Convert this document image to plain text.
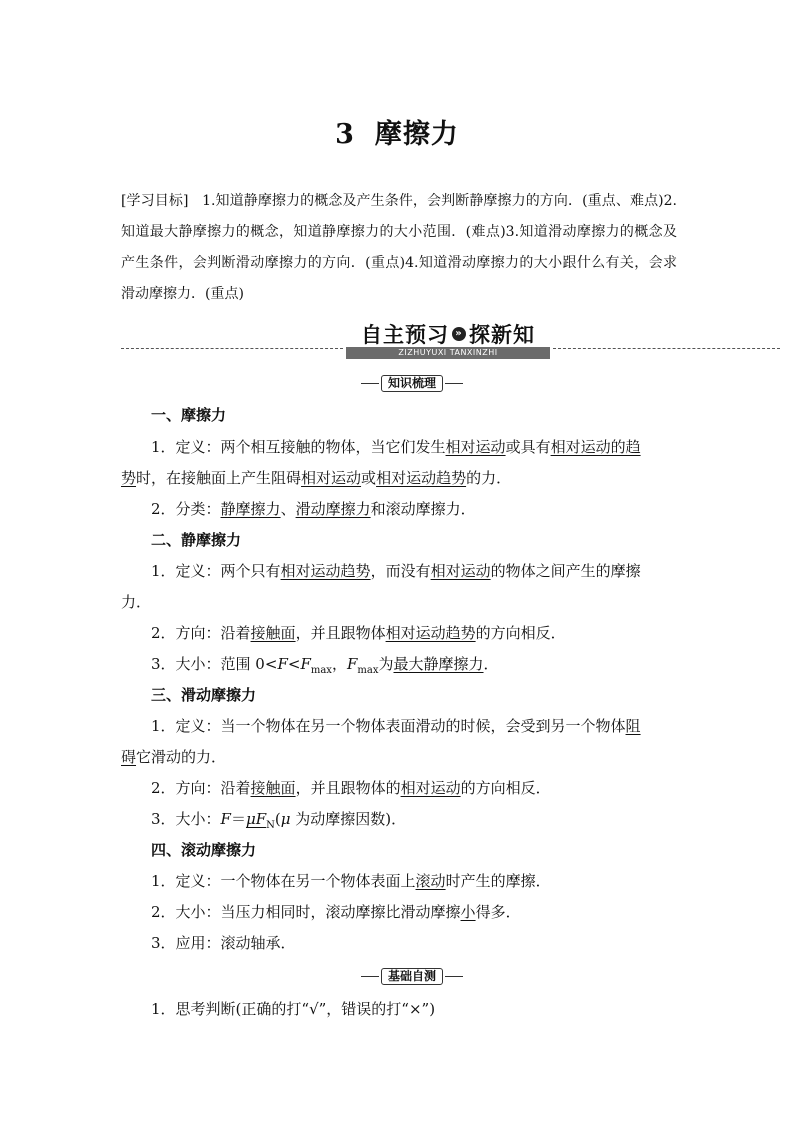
3 摩擦力
[学习目标] 1.知道静摩擦力的概念及产生条件，会判断静摩擦力的方向．(重点、难点)2.知道最大静摩擦力的概念，知道静摩擦力的大小范围．(难点)3.知道滑动摩擦力的概念及产生条件，会判断滑动摩擦力的方向．(重点)4.知道滑动摩擦力的大小跟什么有关，会求滑动摩擦力．(重点)
自主预习 » 探新知
ZIZHUYUXI TANXINZHI
知识梳理
一、摩擦力
1．定义：两个相互接触的物体，当它们发生相对运动或具有相对运动的趋
势时，在接触面上产生阻碍相对运动或相对运动趋势的力．
2．分类：静摩擦力、滑动摩擦力和滚动摩擦力．
二、静摩擦力
1．定义：两个只有相对运动趋势，而没有相对运动的物体之间产生的摩擦
力．
2．方向：沿着接触面，并且跟物体相对运动趋势的方向相反．
3．大小：范围 $0<F<F_{max}$，$F_{max}$为最大静摩擦力．
三、滑动摩擦力
1．定义：当一个物体在另一个物体表面滑动的时候，会受到另一个物体阻
碍它滑动的力．
2．方向：沿着接触面，并且跟物体的相对运动的方向相反．
3．大小：$F=\mu F_N(\mu$ 为动摩擦因数)．
四、滚动摩擦力
1．定义：一个物体在另一个物体表面上滚动时产生的摩擦．
2．大小：当压力相同时，滚动摩擦比滑动摩擦小得多．
3．应用：滚动轴承．
1．思考判断(正确的打“√”，错误的打“×”)
基础自测
